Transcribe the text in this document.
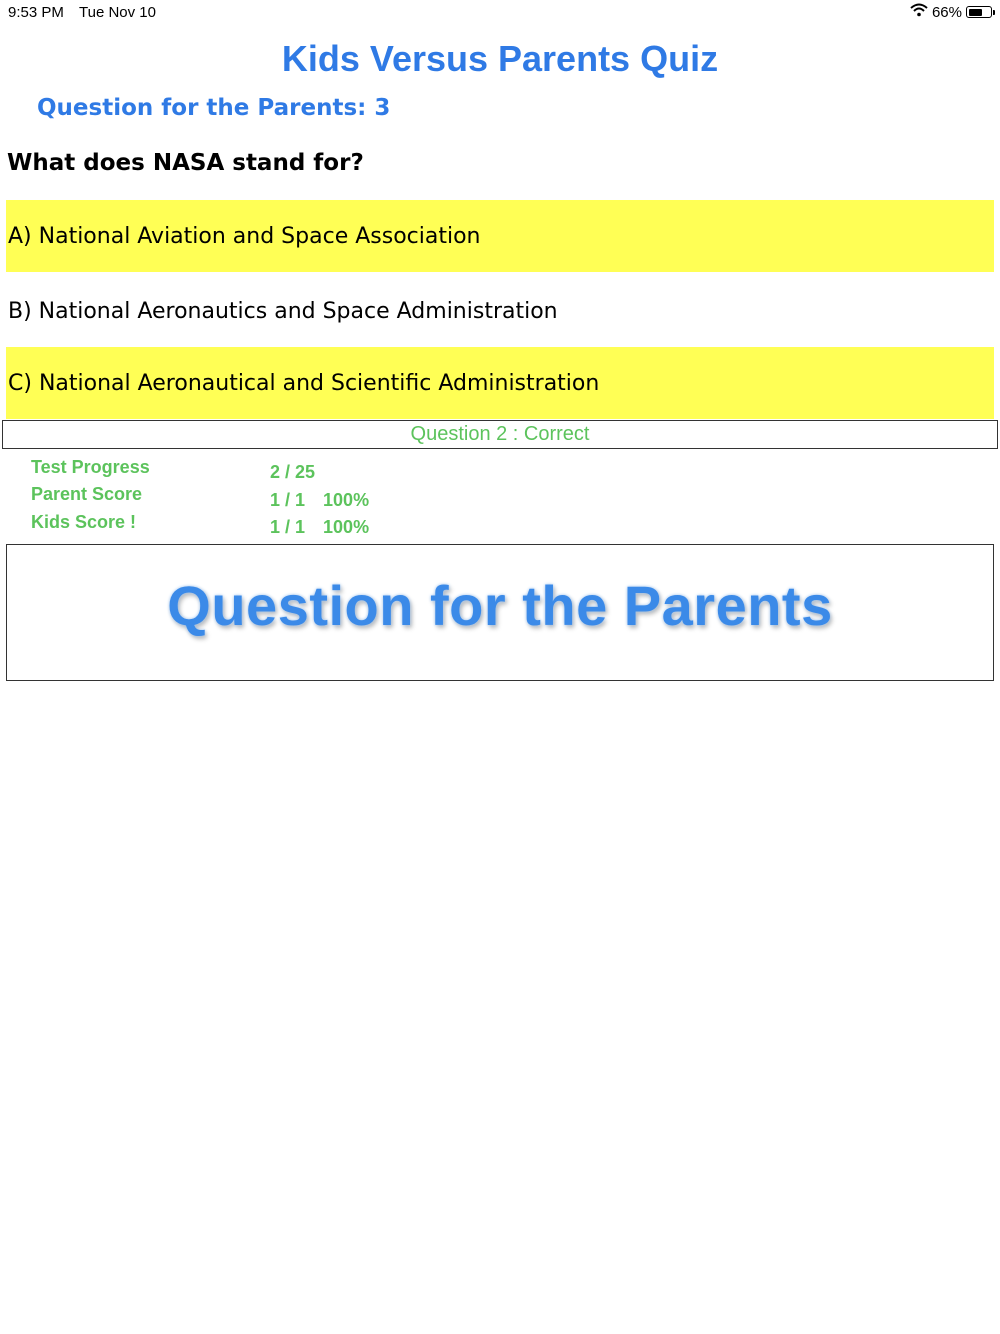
9:53 PM Tue Nov 10	66%
Kids Versus Parents Quiz
Question for the Parents: 3
What does NASA stand for?
A) National Aviation and Space Association
B) National Aeronautics and Space Administration
C) National Aeronautical and Scientific Administration
Question 2 : Correct
Test Progress	2 / 25
Parent Score	1 / 1 100%
Kids Score !	1 / 1 100%
Question for the Parents
